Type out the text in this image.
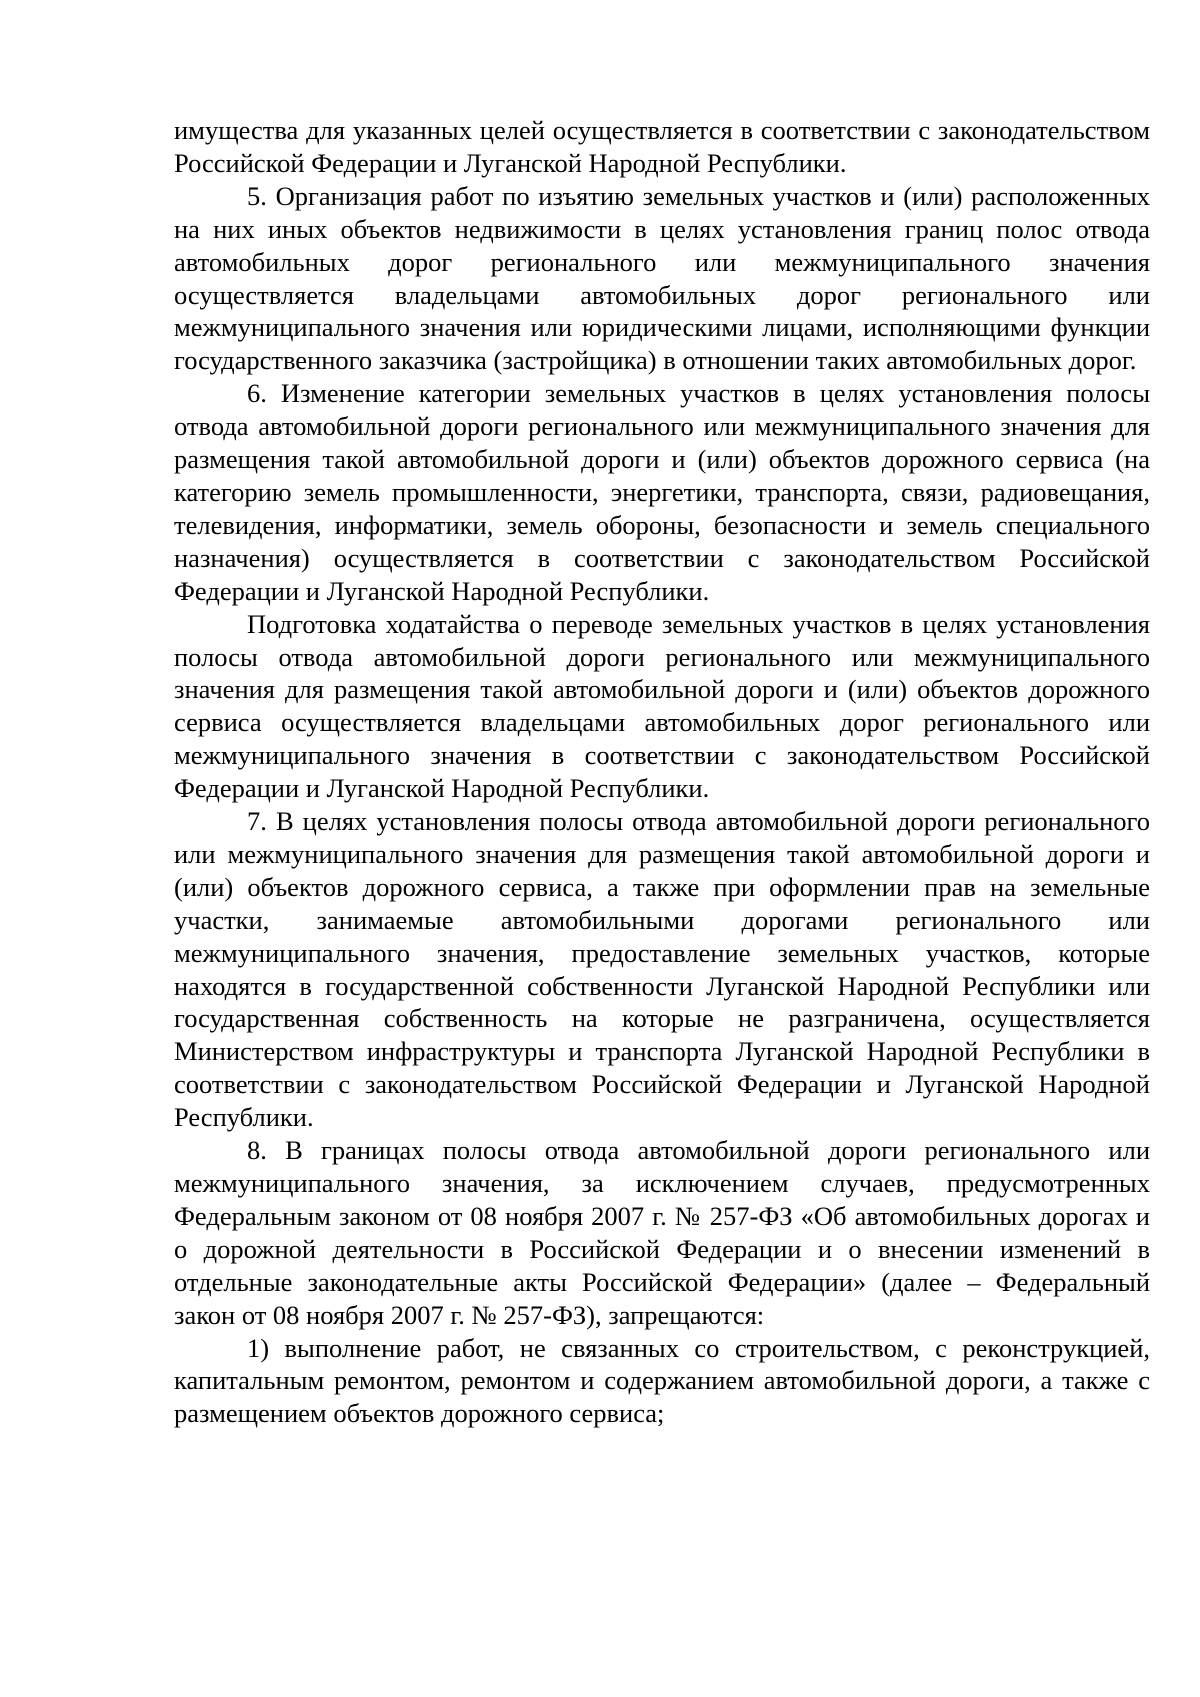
имущества для указанных целей осуществляется в соответствии с законодательством Российской Федерации и Луганской Народной Республики.

5. Организация работ по изъятию земельных участков и (или) расположенных на них иных объектов недвижимости в целях установления границ полос отвода автомобильных дорог регионального или межмуниципального значения осуществляется владельцами автомобильных дорог регионального или межмуниципального значения или юридическими лицами, исполняющими функции государственного заказчика (застройщика) в отношении таких автомобильных дорог.

6. Изменение категории земельных участков в целях установления полосы отвода автомобильной дороги регионального или межмуниципального значения для размещения такой автомобильной дороги и (или) объектов дорожного сервиса (на категорию земель промышленности, энергетики, транспорта, связи, радиовещания, телевидения, информатики, земель обороны, безопасности и земель специального назначения) осуществляется в соответствии с законодательством Российской Федерации и Луганской Народной Республики.

Подготовка ходатайства о переводе земельных участков в целях установления полосы отвода автомобильной дороги регионального или межмуниципального значения для размещения такой автомобильной дороги и (или) объектов дорожного сервиса осуществляется владельцами автомобильных дорог регионального или межмуниципального значения в соответствии с законодательством Российской Федерации и Луганской Народной Республики.

7. В целях установления полосы отвода автомобильной дороги регионального или межмуниципального значения для размещения такой автомобильной дороги и (или) объектов дорожного сервиса, а также при оформлении прав на земельные участки, занимаемые автомобильными дорогами регионального или межмуниципального значения, предоставление земельных участков, которые находятся в государственной собственности Луганской Народной Республики или государственная собственность на которые не разграничена, осуществляется Министерством инфраструктуры и транспорта Луганской Народной Республики в соответствии с законодательством Российской Федерации и Луганской Народной Республики.

8. В границах полосы отвода автомобильной дороги регионального или межмуниципального значения, за исключением случаев, предусмотренных Федеральным законом от 08 ноября 2007 г. № 257-ФЗ «Об автомобильных дорогах и о дорожной деятельности в Российской Федерации и о внесении изменений в отдельные законодательные акты Российской Федерации» (далее – Федеральный закон от 08 ноября 2007 г. № 257-ФЗ), запрещаются:

1) выполнение работ, не связанных со строительством, с реконструкцией, капитальным ремонтом, ремонтом и содержанием автомобильной дороги, а также с размещением объектов дорожного сервиса;
